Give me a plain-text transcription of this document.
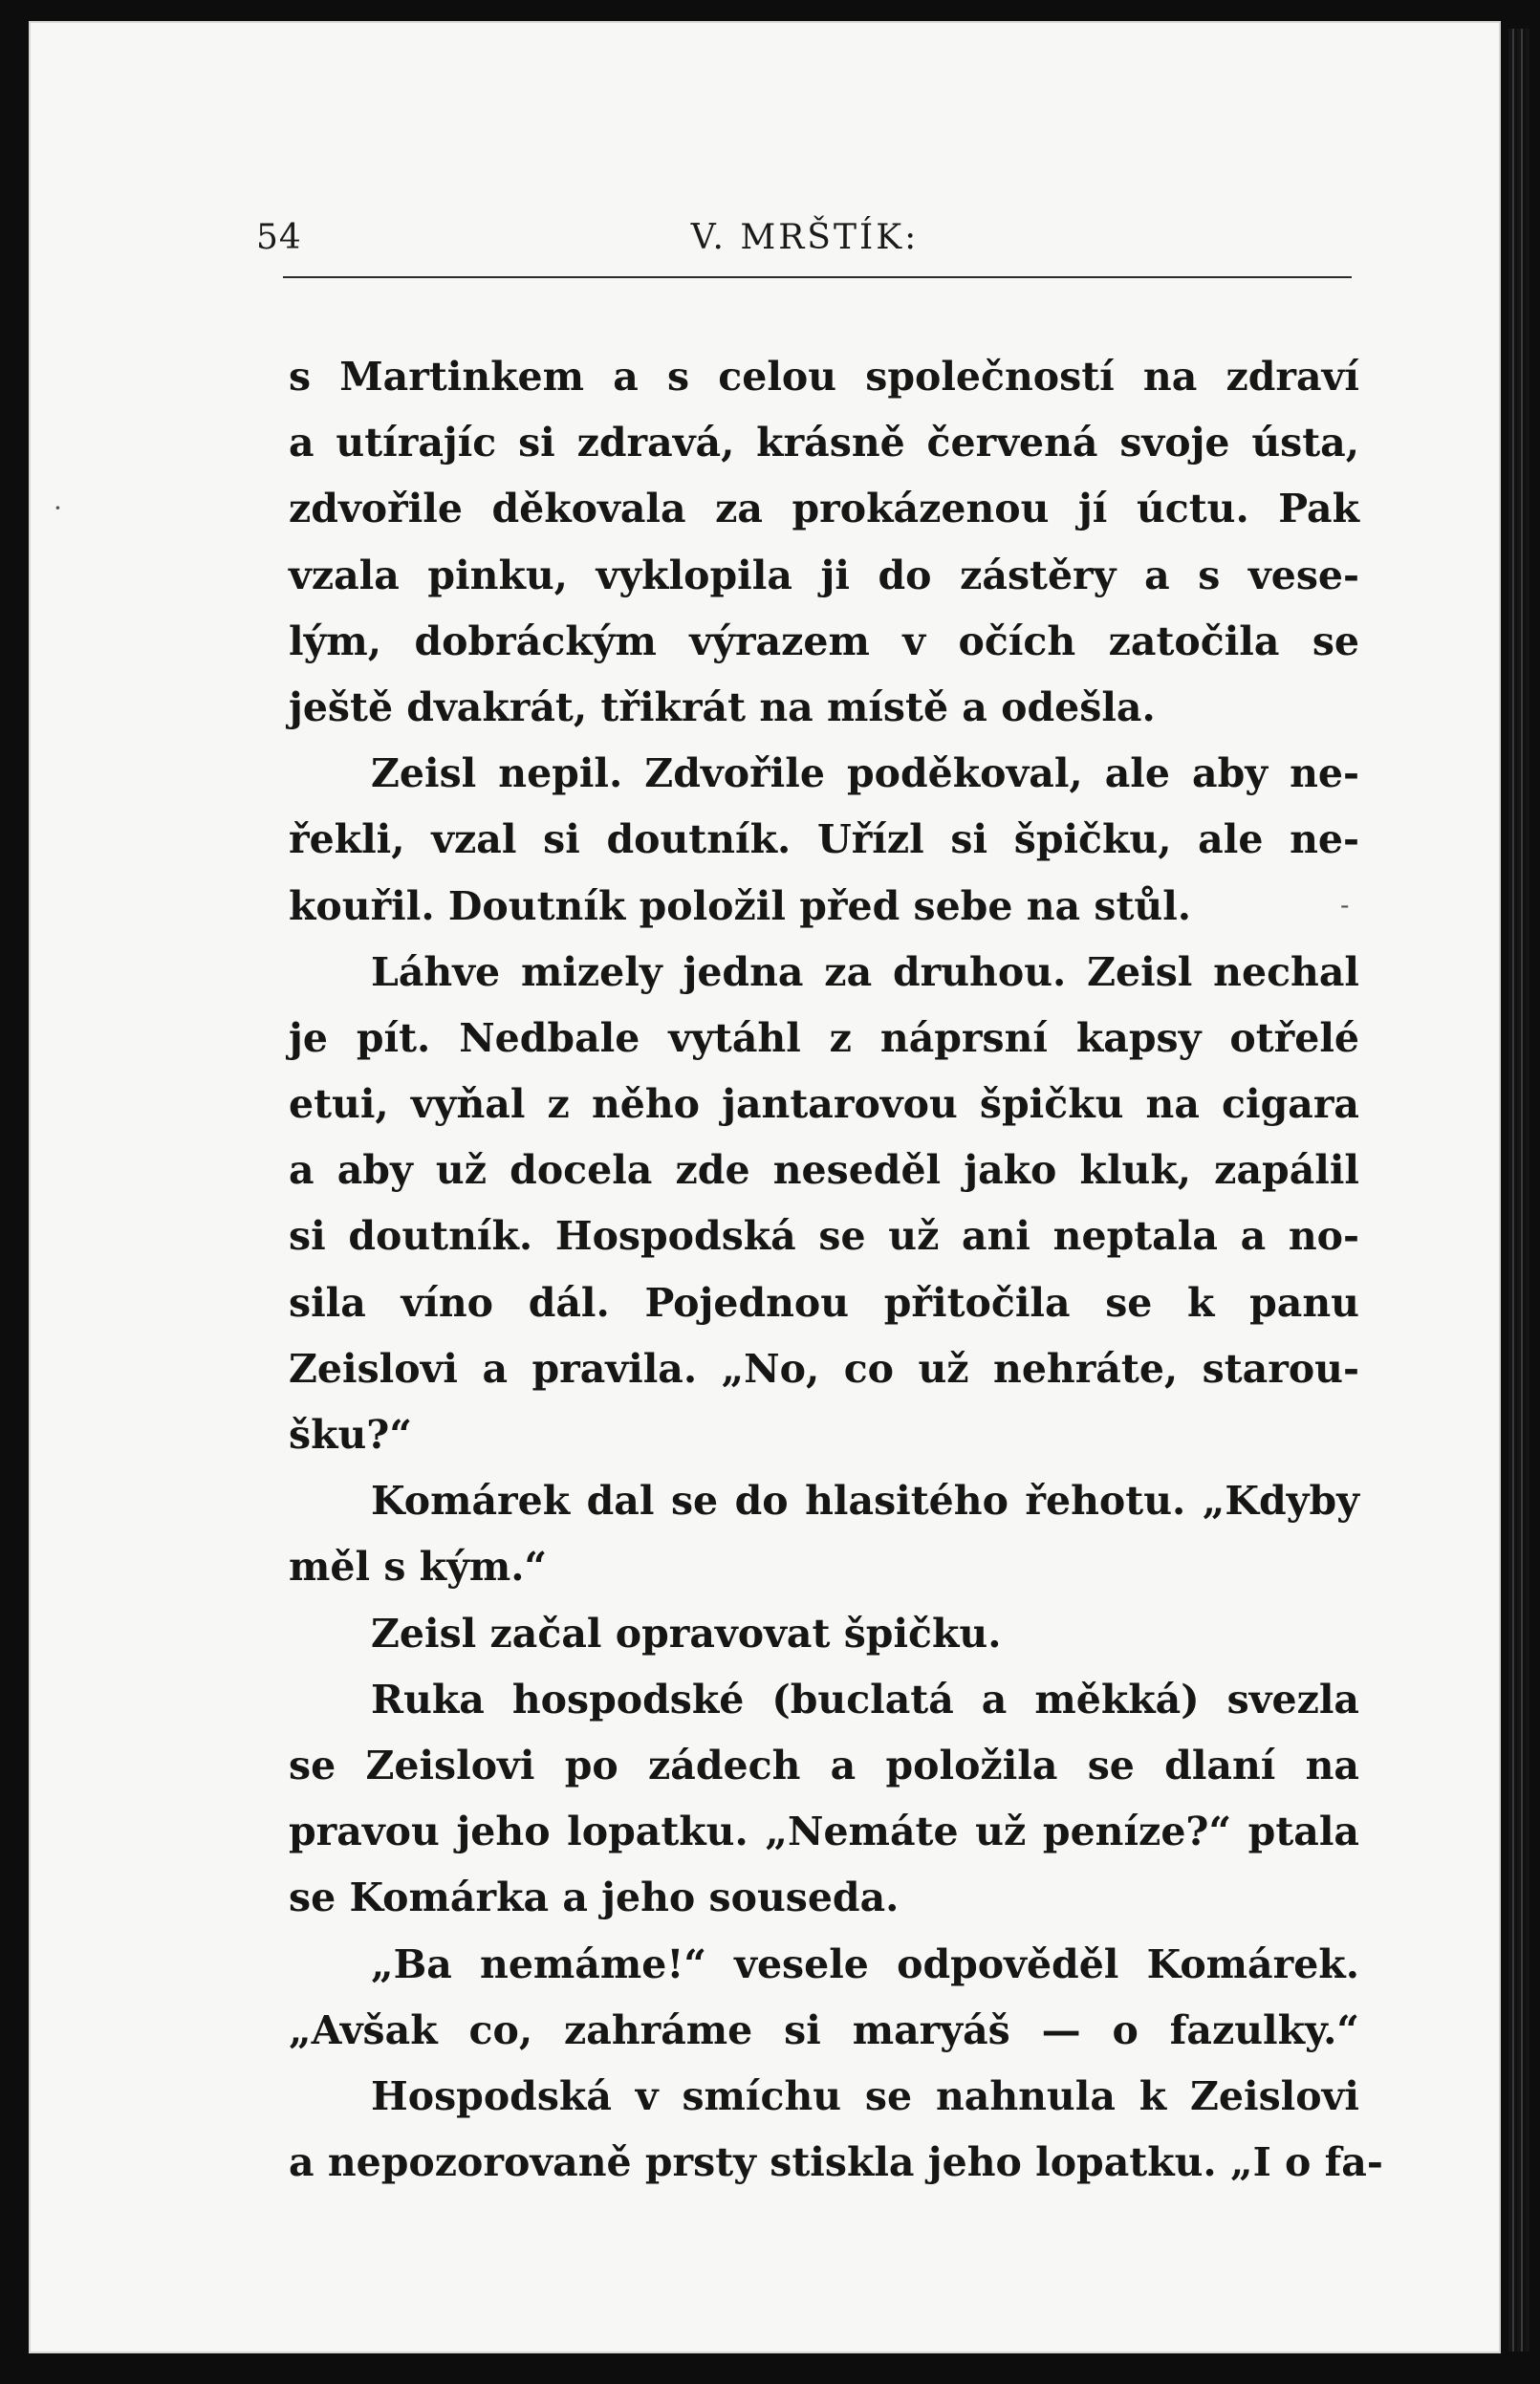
54	V. MRŠTÍK:
s Martinkem a s celou společností na zdraví
a utírajíc si zdravá, krásně červená svoje ústa,
zdvořile děkovala za prokázenou jí úctu. Pak
vzala pinku, vyklopila ji do zástěry a s vese-
lým, dobráckým výrazem v očích zatočila se
ještě dvakrát, třikrát na místě a odešla.
Zeisl nepil. Zdvořile poděkoval, ale aby ne-
řekli, vzal si doutník. Uřízl si špičku, ale ne-
kouřil. Doutník položil před sebe na stůl.
Láhve mizely jedna za druhou. Zeisl nechal
je pít. Nedbale vytáhl z náprsní kapsy otřelé
etui, vyňal z něho jantarovou špičku na cigara
a aby už docela zde neseděl jako kluk, zapálil
si doutník. Hospodská se už ani neptala a no-
sila víno dál. Pojednou přitočila se k panu
Zeislovi a pravila. „No, co už nehráte, starou-
šku?“
Komárek dal se do hlasitého řehotu. „Kdyby
měl s kým.“
Zeisl začal opravovat špičku.
Ruka hospodské (buclatá a měkká) svezla
se Zeislovi po zádech a položila se dlaní na
pravou jeho lopatku. „Nemáte už peníze?“ ptala
se Komárka a jeho souseda.
„Ba nemáme!“ vesele odpověděl Komárek.
„Avšak co, zahráme si maryáš — o fazulky.“
Hospodská v smíchu se nahnula k Zeislovi
a nepozorovaně prsty stiskla jeho lopatku. „I o fa-
·
-
